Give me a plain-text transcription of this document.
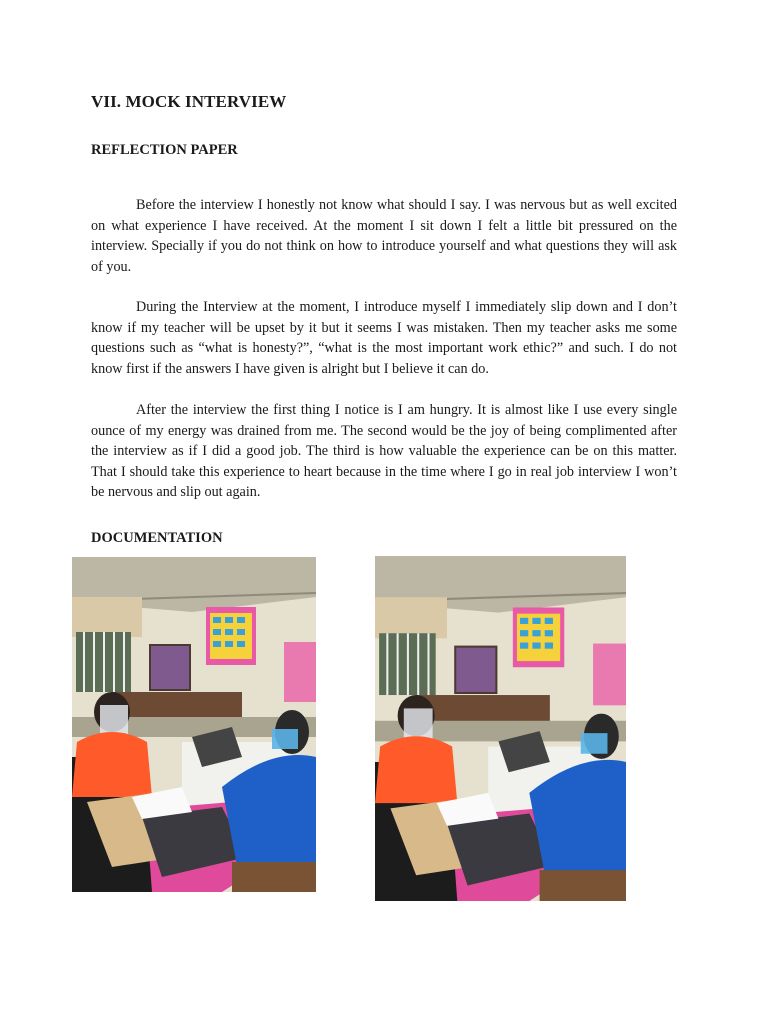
VII. MOCK INTERVIEW
REFLECTION PAPER

Before the interview I honestly not know what should I say. I was nervous but as well excited on what experience I have received. At the moment I sit down I felt a little bit pressured on the interview. Specially if you do not think on how to introduce yourself and what questions they will ask of you.

During the Interview at the moment, I introduce myself I immediately slip down and I don’t know if my teacher will be upset by it but it seems I was mistaken. Then my teacher asks me some questions such as “what is honesty?”, “what is the most important work ethic?” and such. I do not know first if the answers I have given is alright but I believe it can do.

After the interview the first thing I notice is I am hungry. It is almost like I use every single ounce of my energy was drained from me. The second would be the joy of being complimented after the interview as if I did a good job. The third is how valuable the experience can be on this matter. That I should take this experience to heart because in the time where I go in real job interview I won’t be nervous and slip out again.

DOCUMENTATION
